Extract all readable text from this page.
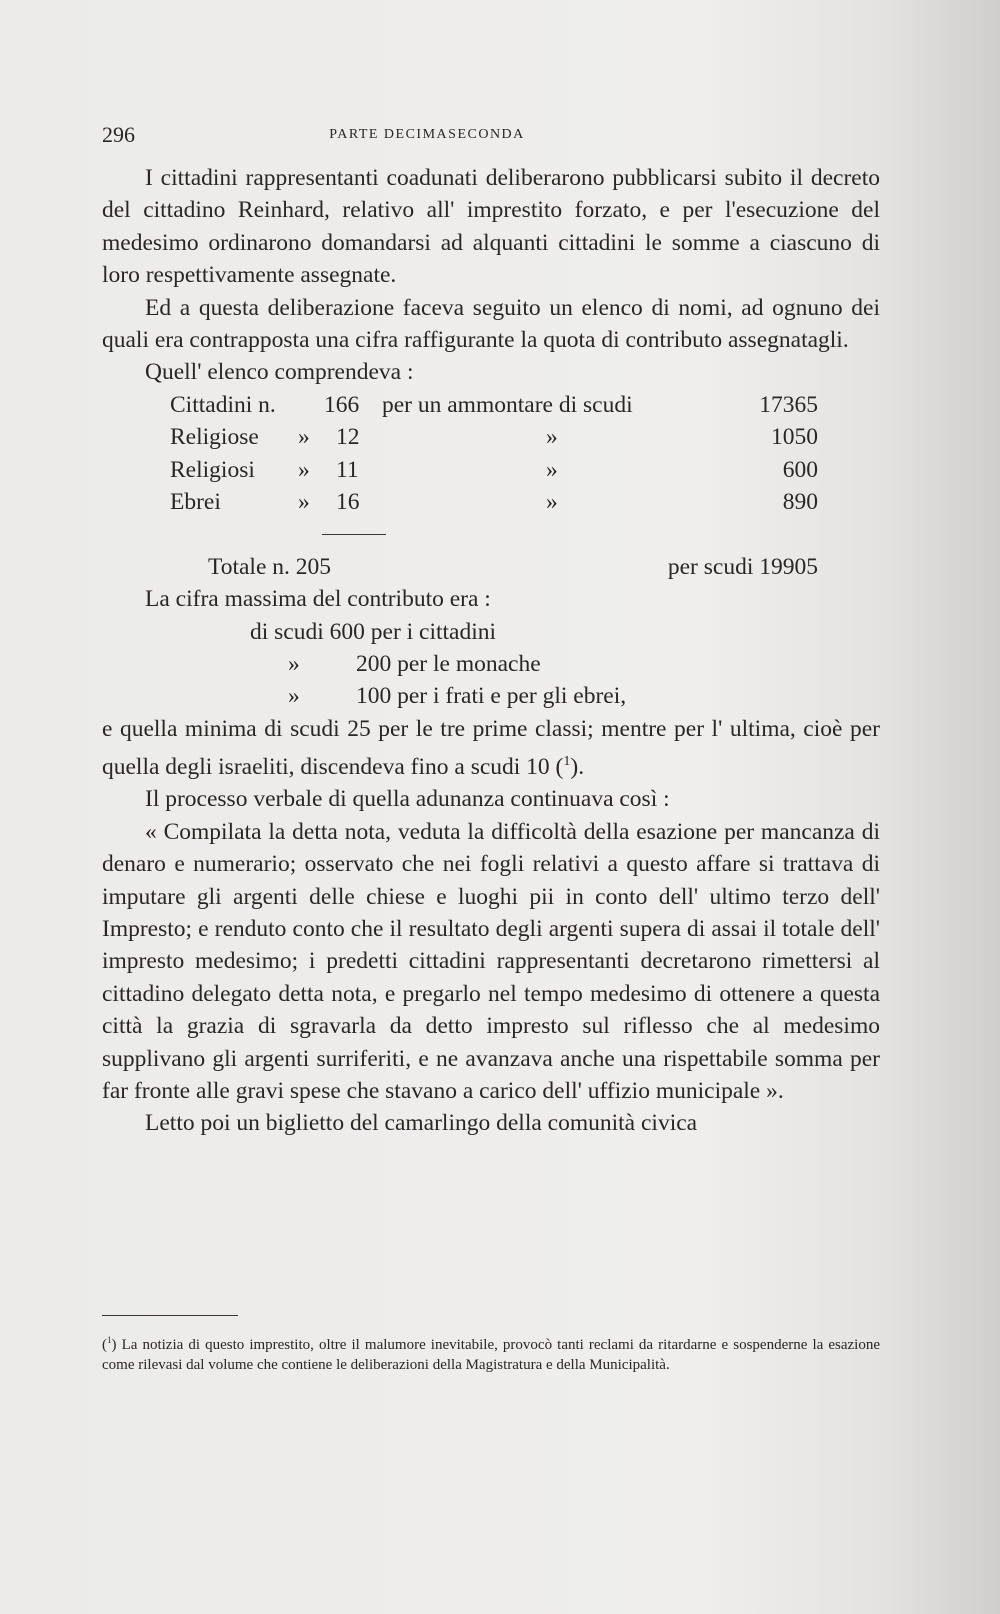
296	PARTE DECIMASECONDA

I cittadini rappresentanti coadunati deliberarono pubblicarsi subito il decreto del cittadino Reinhard, relativo all' imprestito forzato, e per l'esecuzione del medesimo ordinarono domandarsi ad alquanti cittadini le somme a ciascuno di loro respettivamente assegnate.

Ed a questa deliberazione faceva seguito un elenco di nomi, ad ognuno dei quali era contrapposta una cifra raffigurante la quota di contributo assegnatagli.

Quell' elenco comprendeva :

Cittadini n. 166 per un ammontare di scudi	17365
Religiose » 12	»	1050
Religiosi » 11	»	600
Ebrei	» 16	»	890
Totale n. 205	per scudi 19905

La cifra massima del contributo era :

di scudi 600 per i cittadini
» 200 per le monache
» 100 per i frati e per gli ebrei,

e quella minima di scudi 25 per le tre prime classi; mentre per l' ultima, cioè per quella degli israeliti, discendeva fino a scudi 10 ($^1$).

Il processo verbale di quella adunanza continuava così :

« Compilata la detta nota, veduta la difficoltà della esazione per mancanza di denaro e numerario; osservato che nei fogli relativi a questo affare si trattava di imputare gli argenti delle chiese e luoghi pii in conto dell' ultimo terzo dell' Impresto; e renduto conto che il resultato degli argenti supera di assai il totale dell' impresto medesimo; i predetti cittadini rappresentanti decretarono rimettersi al cittadino delegato detta nota, e pregarlo nel tempo medesimo di ottenere a questa città la grazia di sgravarla da detto impresto sul riflesso che al medesimo supplivano gli argenti surriferiti, e ne avanzava anche una rispettabile somma per far fronte alle gravi spese che stavano a carico dell' uffizio municipale ».

Letto poi un biglietto del camarlingo della comunità civica

($^1$) La notizia di questo imprestito, oltre il malumore inevitabile, provocò tanti reclami da ritardarne e sospenderne la esazione come rilevasi dal volume che contiene le deliberazioni della Magistratura e della Municipalità.
